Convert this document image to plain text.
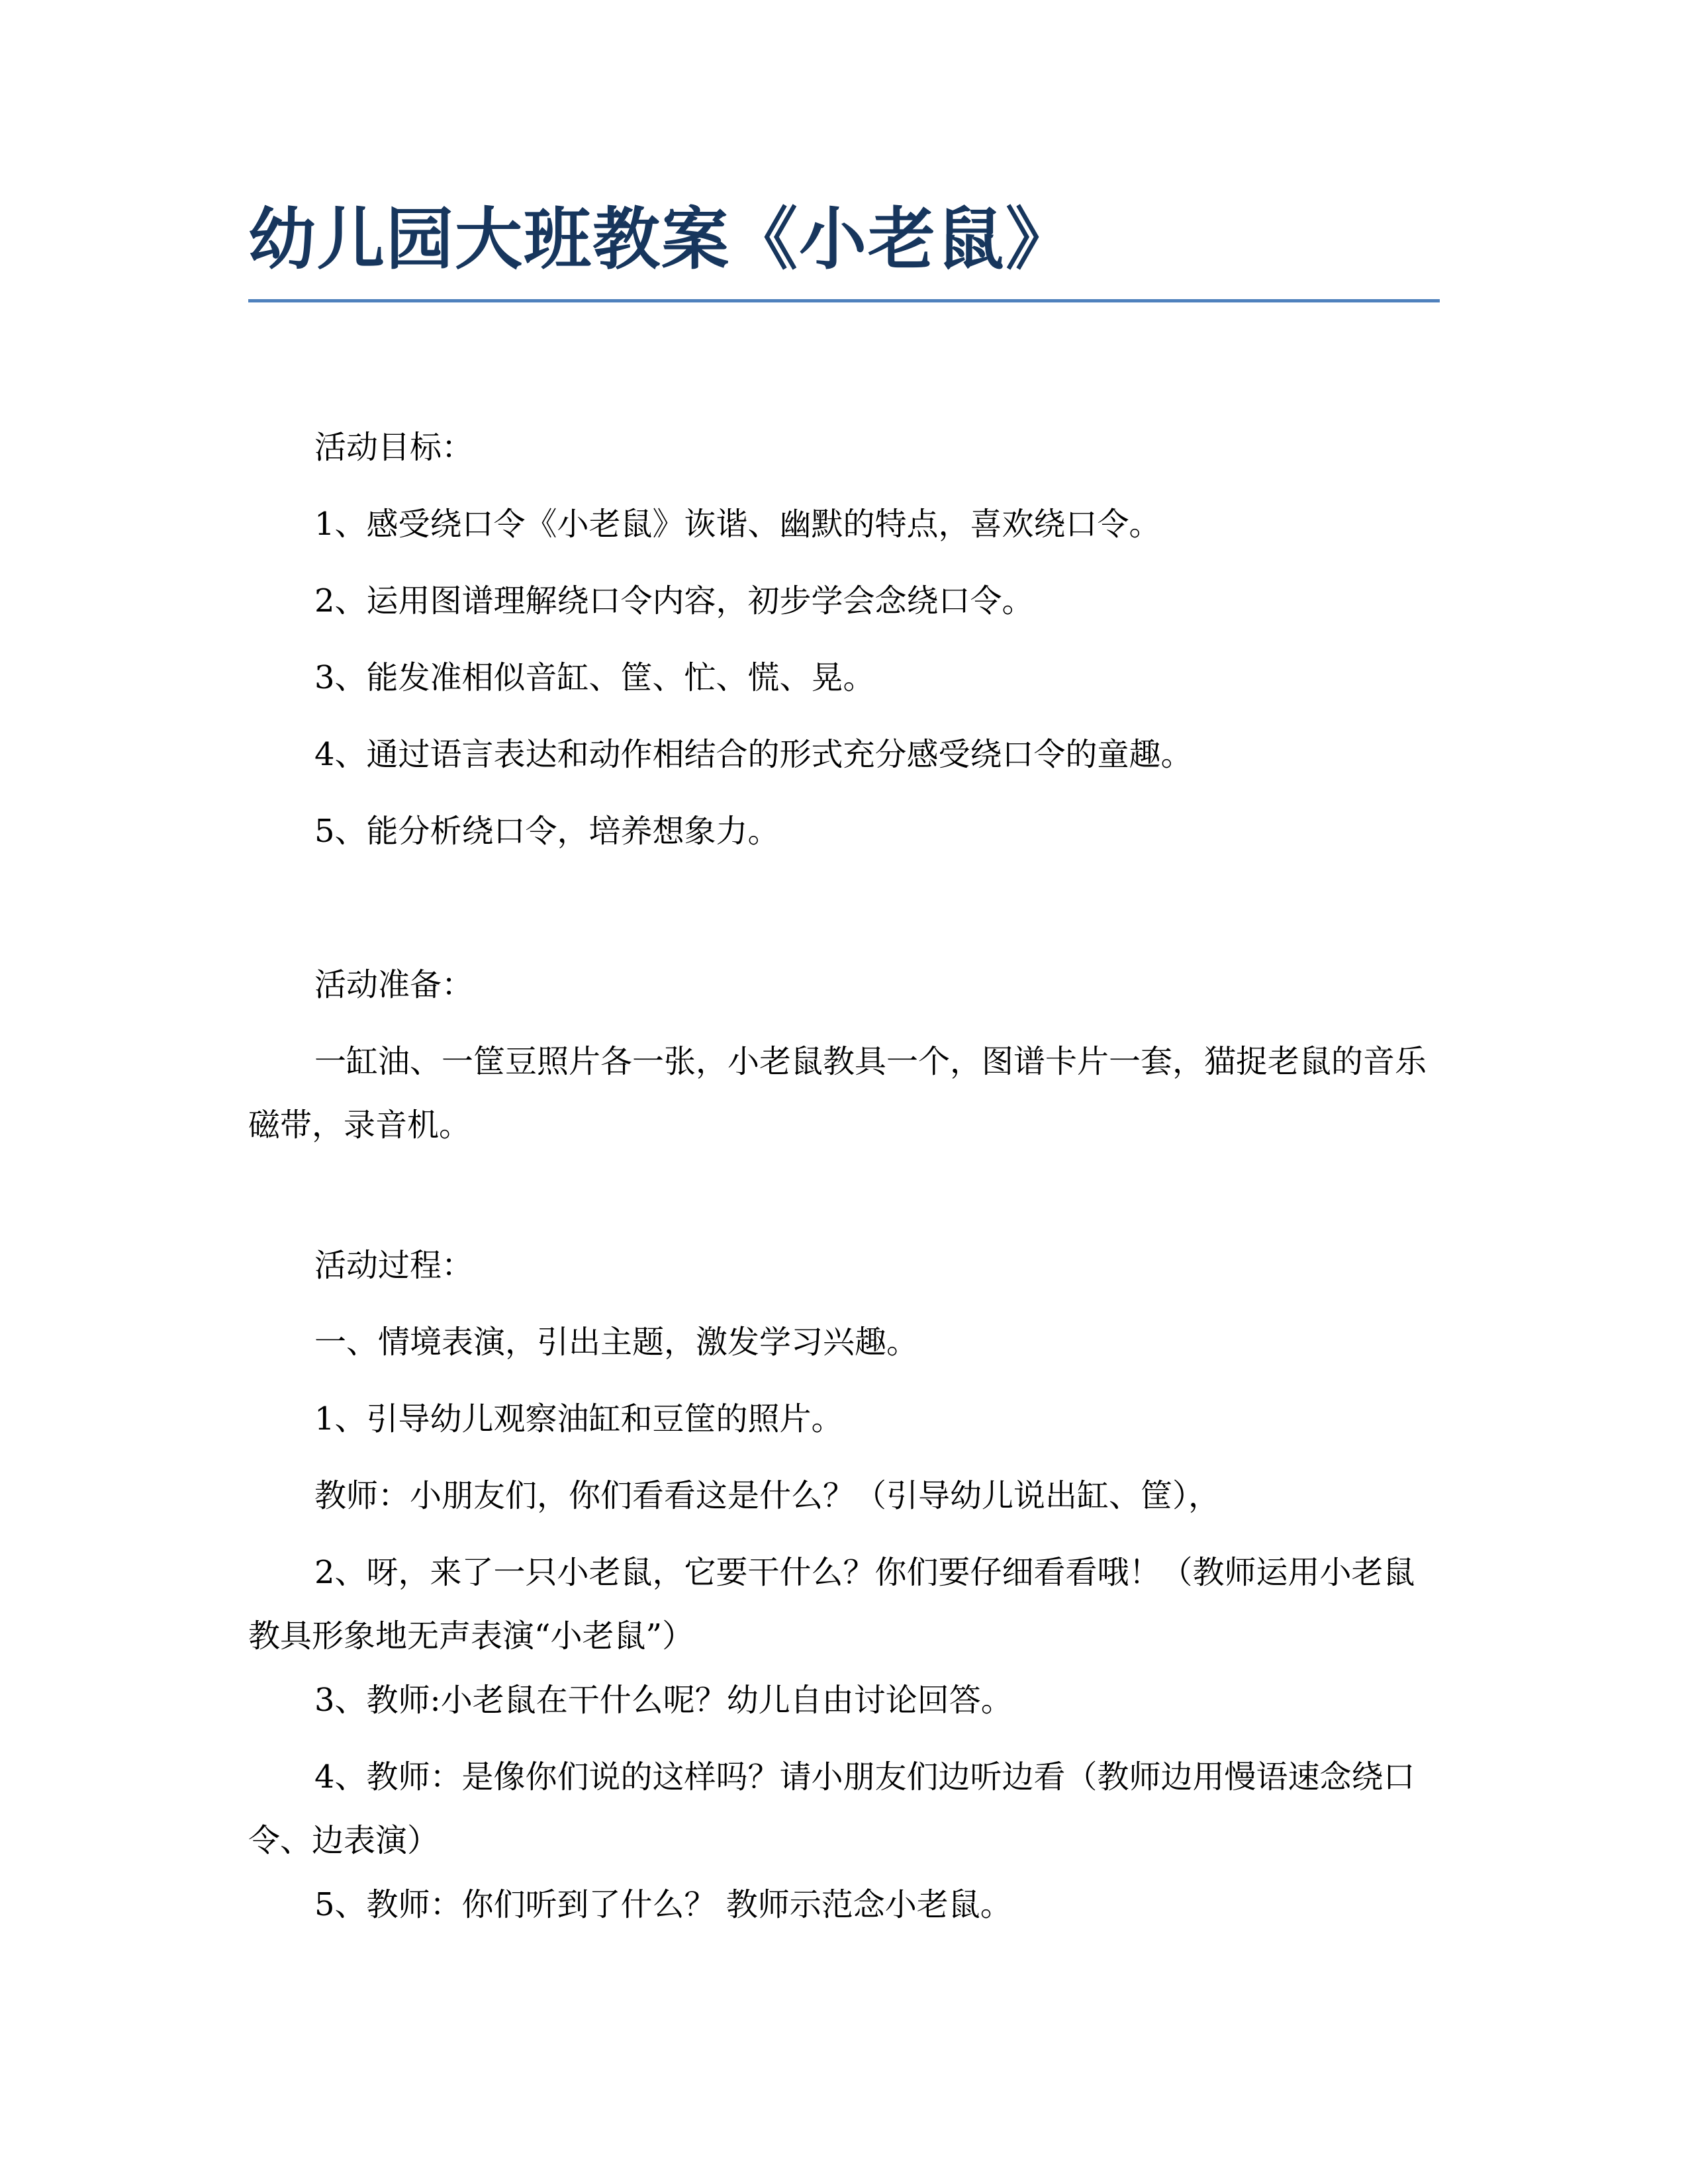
幼儿园大班教案《小老鼠》
活动目标：
1、感受绕口令《小老鼠》诙谐、幽默的特点，喜欢绕口令。
2、运用图谱理解绕口令内容，初步学会念绕口令。
3、能发准相似音缸、筐、忙、慌、晃。
4、通过语言表达和动作相结合的形式充分感受绕口令的童趣。
5、能分析绕口令，培养想象力。
活动准备：
一缸油、一筐豆照片各一张，小老鼠教具一个，图谱卡片一套，猫捉老鼠的音乐磁带，录音机。
活动过程：
一、情境表演，引出主题，激发学习兴趣。
1、引导幼儿观察油缸和豆筐的照片。
教师：小朋友们，你们看看这是什么？（引导幼儿说出缸、筐），
2、呀，来了一只小老鼠，它要干什么？你们要仔细看看哦！（教师运用小老鼠教具形象地无声表演“小老鼠”）
3、教师:小老鼠在干什么呢？幼儿自由讨论回答。
4、教师：是像你们说的这样吗？请小朋友们边听边看（教师边用慢语速念绕口令、边表演）
5、教师：你们听到了什么？ 教师示范念小老鼠。
